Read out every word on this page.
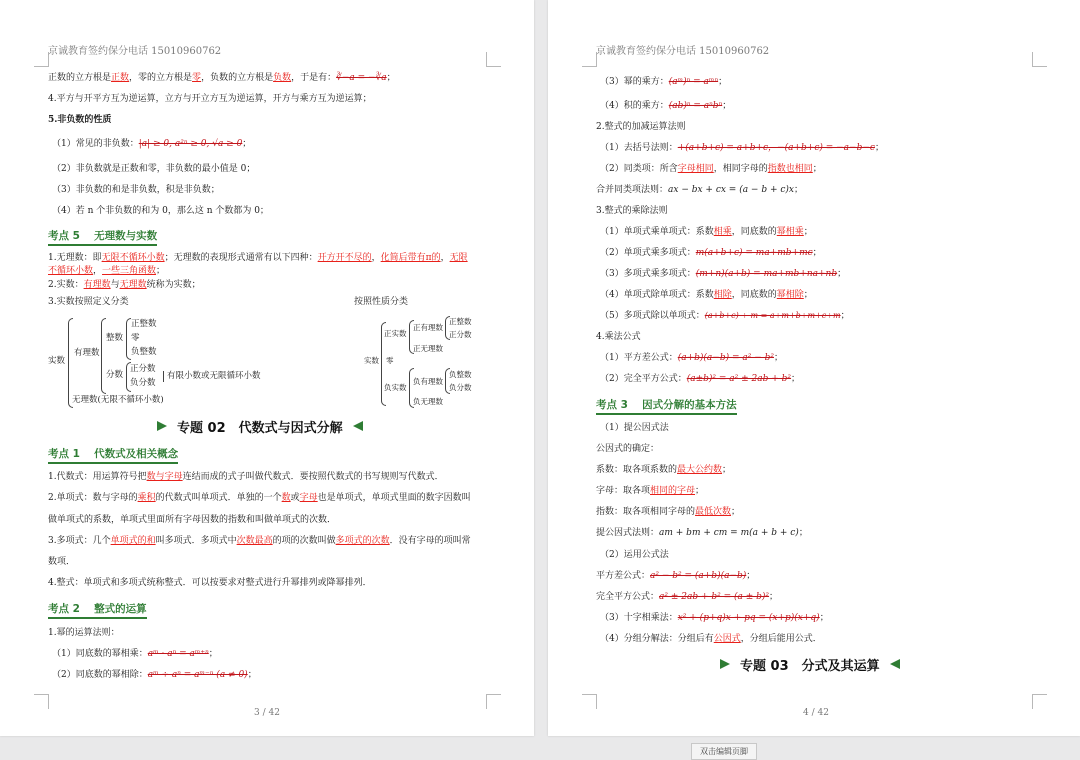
京诚教育签约保分电话 15010960762
正数的立方根是正数，零的立方根是零，负数的立方根是负数，于是有：∛−a = −∛a；
4.平方与开平方互为逆运算，立方与开立方互为逆运算，开方与乘方互为逆运算；
5.非负数的性质
（1）常见的非负数：|a| ≥ 0, a²ⁿ ≥ 0, √a ≥ 0；
（2）非负数就是正数和零，非负数的最小值是 0；
（3）非负数的和是非负数，积是非负数；
（4）若 n 个非负数的和为 0，那么这 n 个数都为 0；
考点 5　 无理数与实数
1.无理数：即无限不循环小数；无理数的表现形式通常有以下四种：开方开不尽的，化简后带有π的，无限
不循环小数，一些三角函数；
2.实数：有理数与无理数统称为实数；
3.实数按照定义分类	按照性质分类
实数
有理数
整数
正整数
零
负整数
分数
正分数
负分数
有限小数或无限循环小数
无理数(无限不循环小数)
实数
正实数
正有理数
正整数
正分数
正无理数
零
负实数
负有理数
负整数
负分数
负无理数
专题 02　代数式与因式分解
考点 1　 代数式及相关概念
1.代数式：用运算符号把数与字母连结而成的式子叫做代数式．要按照代数式的书写规则写代数式．
2.单项式：数与字母的乘积的代数式叫单项式．单独的一个数或字母也是单项式，单项式里面的数字因数叫
做单项式的系数，单项式里面所有字母因数的指数和叫做单项式的次数．
3.多项式：几个单项式的和叫多项式．多项式中次数最高的项的次数叫做多项式的次数．没有字母的项叫常
数项．
4.整式：单项式和多项式统称整式．可以按要求对整式进行升幂排列或降幂排列．
考点 2　 整式的运算
1.幂的运算法则：
（1）同底数的幂相乘：aᵐ · aⁿ = aᵐ⁺ⁿ；
（2）同底数的幂相除：aᵐ ÷ aⁿ = aᵐ⁻ⁿ (a ≠ 0)；
3 / 42
京诚教育签约保分电话 15010960762
（3）幂的乘方：(aᵐ)ⁿ = aᵐⁿ；
（4）积的乘方：(ab)ⁿ = aⁿbⁿ；
2.整式的加减运算法则
（1）去括号法则：+(a+b+c) = a+b+c，−(a+b+c) = −a−b−c；
（2）同类项：所含字母相同，相同字母的指数也相同；
合并同类项法则：ax − bx + cx = (a − b + c)x；
3.整式的乘除法则
（1）单项式乘单项式：系数相乘，同底数的幂相乘；
（2）单项式乘多项式：m(a+b+c) = ma+mb+mc；
（3）多项式乘多项式：(m+n)(a+b) = ma+mb+na+nb；
（4）单项式除单项式：系数相除，同底数的幂相除；
（5）多项式除以单项式：(a+b+c) ÷ m = a÷m+b÷m+c÷m；
4.乘法公式
（1）平方差公式：(a+b)(a−b) = a² − b²；
（2）完全平方公式：(a±b)² = a² ± 2ab + b²；
考点 3　 因式分解的基本方法
（1）提公因式法
公因式的确定：
系数：取各项系数的最大公约数；
字母：取各项相同的字母；
指数：取各项相同字母的最低次数；
提公因式法则：am + bm + cm = m(a + b + c)；
（2）运用公式法
平方差公式：a² − b² = (a+b)(a−b)；
完全平方公式：a² ± 2ab + b² = (a ± b)²；
（3）十字相乘法：x² + (p+q)x + pq = (x+p)(x+q)；
（4）分组分解法：分组后有公因式，分组后能用公式．
专题 03　分式及其运算
4 / 42
双击编辑页脚
